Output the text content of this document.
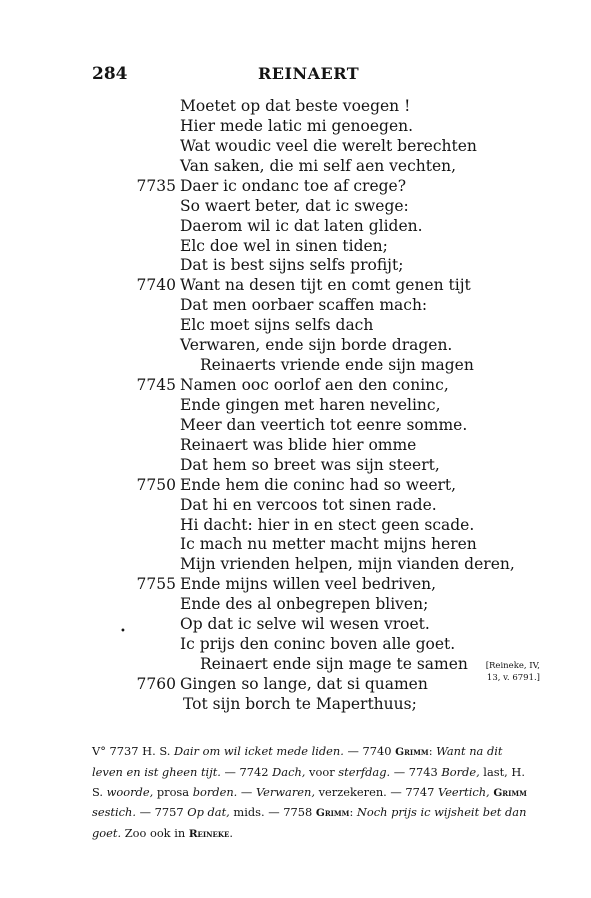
284	REINAERT
Moetet op dat beste voegen !
Hier mede latic mi genoegen.
Wat woudic veel die werelt berechten
Van saken, die mi self aen vechten,
7735 Daer ic ondanc toe af crege?
So waert beter, dat ic swege:
Daerom wil ic dat laten gliden.
Elc doe wel in sinen tiden;
Dat is best sijns selfs profijt;
7740 Want na desen tijt en comt genen tijt
Dat men oorbaer scaffen mach:
Elc moet sijns selfs dach
Verwaren, ende sijn borde dragen.
Reinaerts vriende ende sijn magen
7745 Namen ooc oorlof aen den coninc,
Ende gingen met haren nevelinc,
Meer dan veertich tot eenre somme.
Reinaert was blide hier omme
Dat hem so breet was sijn steert,
7750 Ende hem die coninc had so weert,
Dat hi en vercoos tot sinen rade.
Hi dacht: hier in en stect geen scade.
Ic mach nu metter macht mijns heren
Mijn vrienden helpen, mijn vianden deren,
7755 Ende mijns willen veel bedriven,
Ende des al onbegrepen bliven;
Op dat ic selve wil wesen vroet.
Ic prijs den coninc boven alle goet.
Reinaert ende sijn mage te samen
7760 Gingen so lange, dat si quamen
Tot sijn borch te Maperthuus;
•
[Reineke, IV,
13, v. 6791.]
V° 7737 H. S. Dair om wil icket mede liden. — 7740 Grimm: Want na dit leven en ist gheen tijt. — 7742 Dach, voor sterfdag. — 7743 Borde, last, H. S. woorde, prosa borden. — Verwaren, verzekeren. — 7747 Veertich, Grimm sestich. — 7757 Op dat, mids. — 7758 Grimm: Noch prijs ic wijsheit bet dan goet. Zoo ook in Reineke.
